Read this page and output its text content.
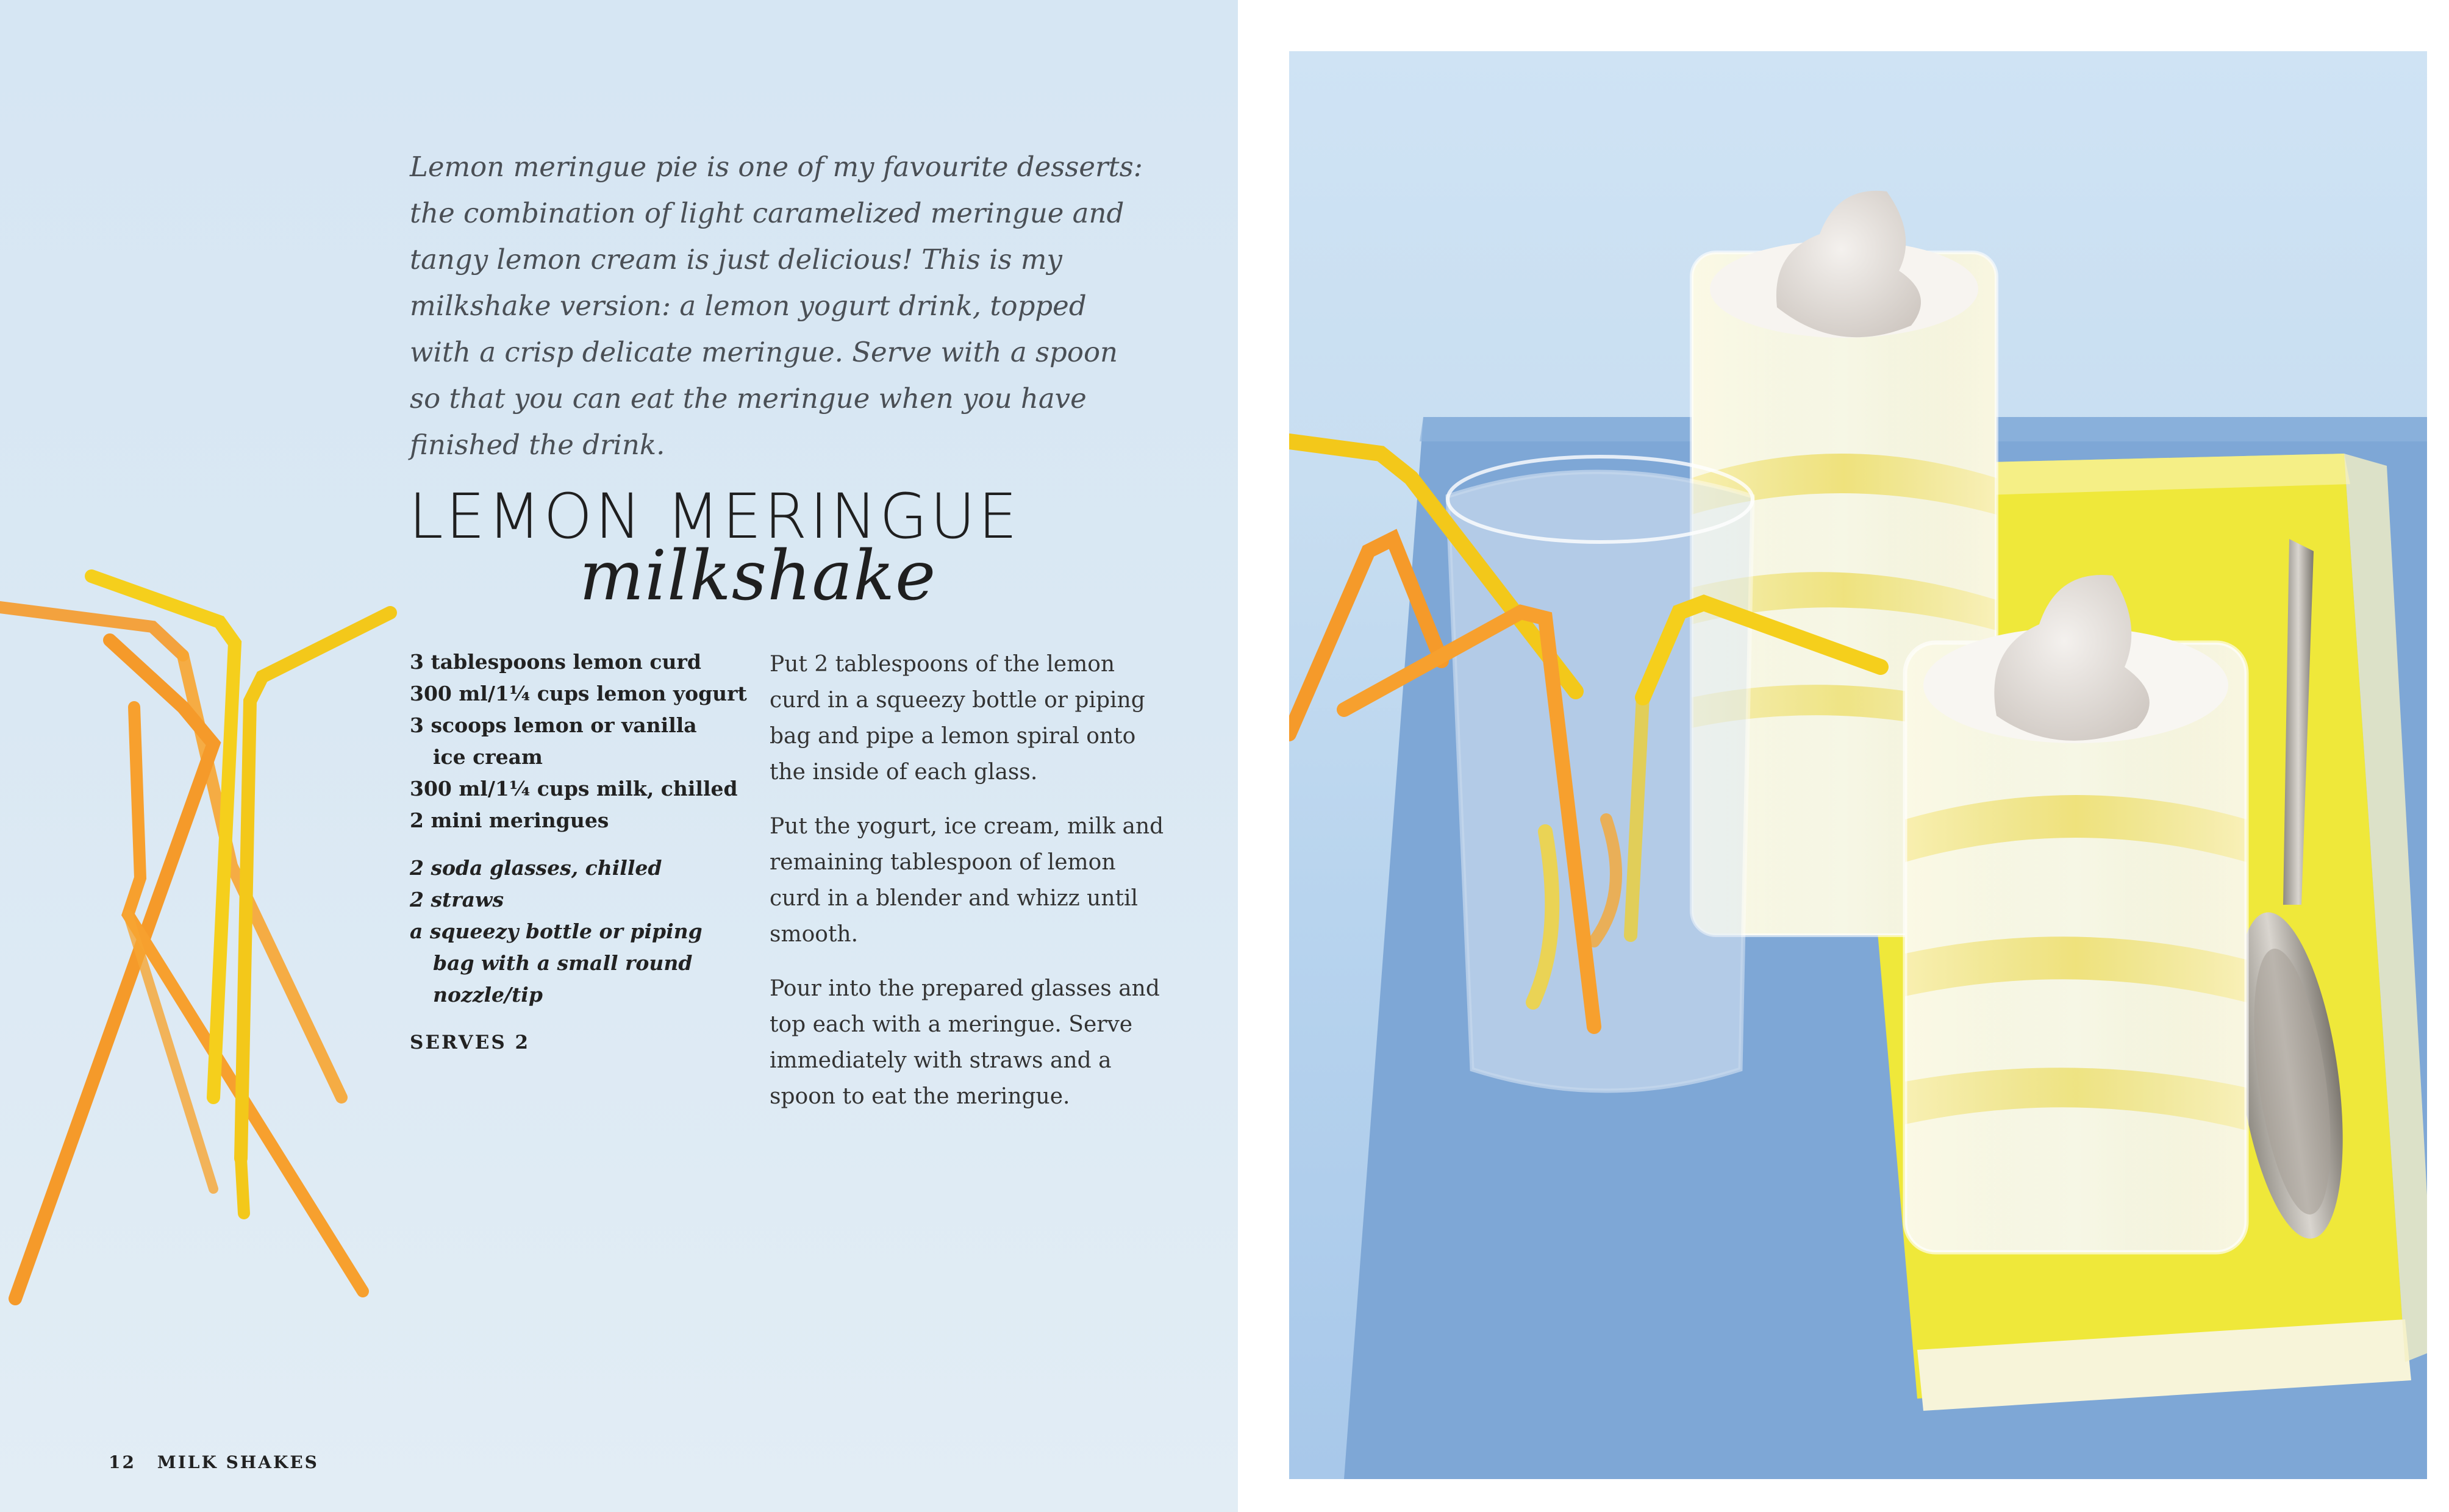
Lemon meringue pie is one of my favourite desserts: the combination of light caramelized meringue and tangy lemon cream is just delicious! This is my milkshake version: a lemon yogurt drink, topped with a crisp delicate meringue. Serve with a spoon so that you can eat the meringue when you have finished the drink.

LEMON MERINGUE
milkshake

3 tablespoons lemon curd

300 ml/1¼ cups lemon yogurt

3 scoops lemon or vanilla

ice cream

300 ml/1¼ cups milk, chilled

2 mini meringues

2 soda glasses, chilled

2 straws

a squeezy bottle or piping

bag with a small round

nozzle/tip

SERVES 2

Put 2 tablespoons of the lemon curd in a squeezy bottle or piping bag and pipe a lemon spiral onto the inside of each glass.

Put the yogurt, ice cream, milk and remaining tablespoon of lemon curd in a blender and whizz until smooth.

Pour into the prepared glasses and top each with a meringue. Serve immediately with straws and a spoon to eat the meringue.

12 MILK SHAKES
